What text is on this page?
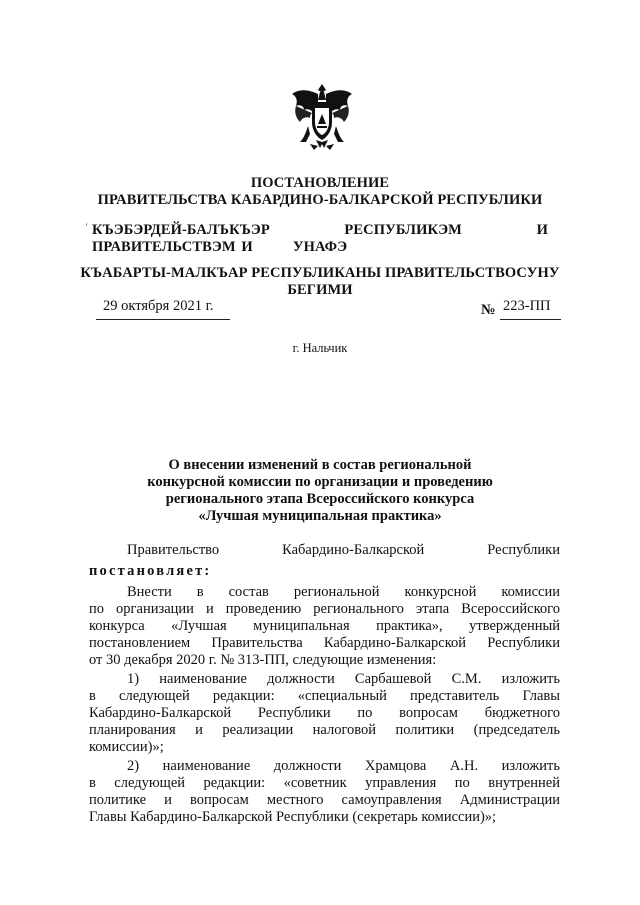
ПОСТАНОВЛЕНИЕ
ПРАВИТЕЛЬСТВА КАБАРДИНО-БАЛКАРСКОЙ РЕСПУБЛИКИ
‘ КЪЭБЭРДЕЙ-БАЛЪКЪЭР РЕСПУБЛИКЭМ И ПРАВИТЕЛЬСТВЭМ И	УНАФЭ
КЪАБАРТЫ-МАЛКЪАР РЕСПУБЛИКАНЫ ПРАВИТЕЛЬСТВОСУНУ
БЕГИМИ
29 октября 2021 г.	№ 223-ПП
г. Нальчик
О внесении изменений в состав региональной
конкурсной комиссии по организации и проведению
регионального этапа Всероссийского конкурса
«Лучшая муниципальная практика»
Правительство Кабардино-Балкарской Республики
постановляет:
Внести в состав региональной конкурсной комиссии
по организации и проведению регионального этапа Всероссийского
конкурса «Лучшая муниципальная практика», утвержденный
постановлением Правительства Кабардино-Балкарской Республики
от 30 декабря 2020 г. № 313-ПП, следующие изменения:
1) наименование должности Сарбашевой С.М. изложить
в следующей редакции: «специальный представитель Главы
Кабардино-Балкарской Республики по вопросам бюджетного
планирования и реализации налоговой политики (председатель
комиссии)»;
2) наименование должности Храмцова А.Н. изложить
в следующей редакции: «советник управления по внутренней
политике и вопросам местного самоуправления Администрации
Главы Кабардино-Балкарской Республики (секретарь комиссии)»;
